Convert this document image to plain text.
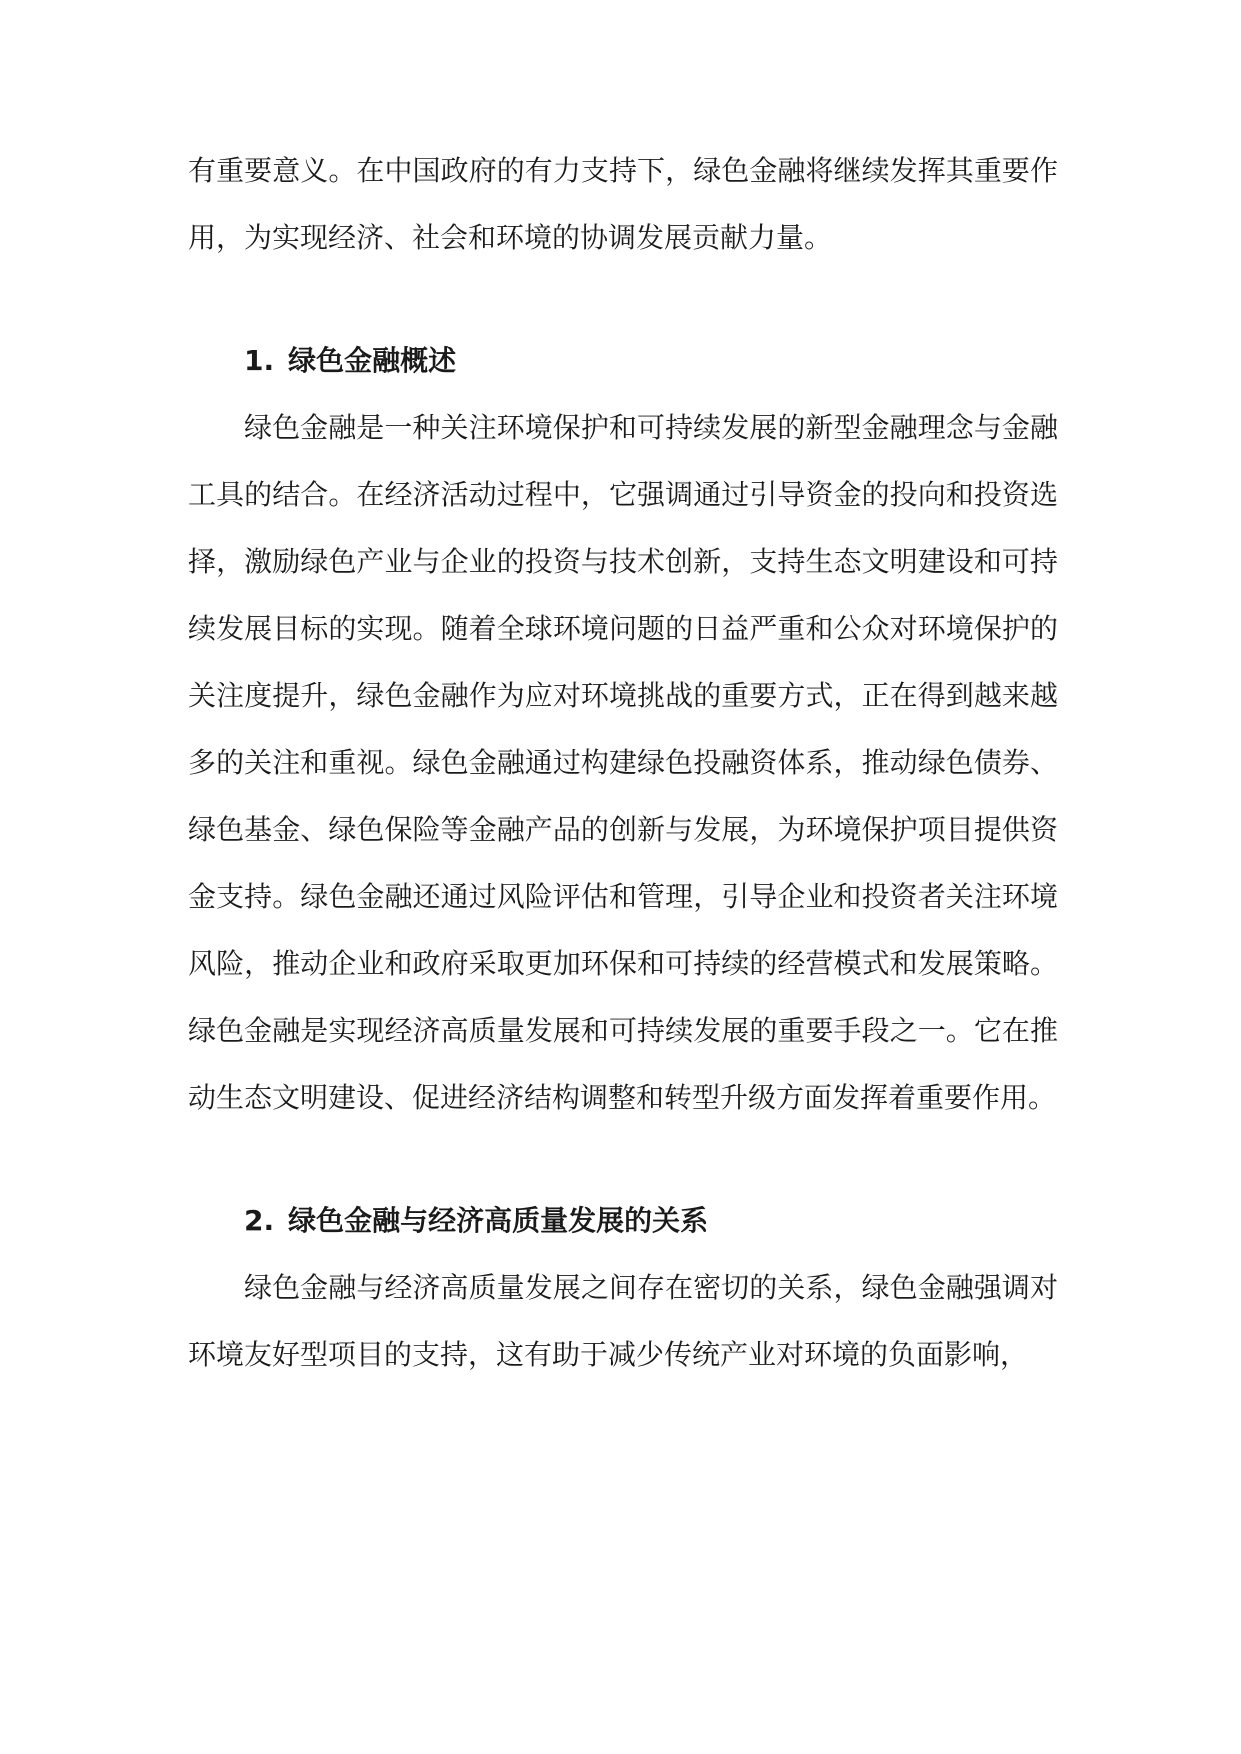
有重要意义。在中国政府的有力支持下，绿色金融将继续发挥其重要作用，为实现经济、社会和环境的协调发展贡献力量。

1. 绿色金融概述

绿色金融是一种关注环境保护和可持续发展的新型金融理念与金融工具的结合。在经济活动过程中，它强调通过引导资金的投向和投资选择，激励绿色产业与企业的投资与技术创新，支持生态文明建设和可持续发展目标的实现。随着全球环境问题的日益严重和公众对环境保护的关注度提升，绿色金融作为应对环境挑战的重要方式，正在得到越来越多的关注和重视。绿色金融通过构建绿色投融资体系，推动绿色债券、绿色基金、绿色保险等金融产品的创新与发展，为环境保护项目提供资金支持。绿色金融还通过风险评估和管理，引导企业和投资者关注环境风险，推动企业和政府采取更加环保和可持续的经营模式和发展策略。绿色金融是实现经济高质量发展和可持续发展的重要手段之一。它在推动生态文明建设、促进经济结构调整和转型升级方面发挥着重要作用。

2. 绿色金融与经济高质量发展的关系

绿色金融与经济高质量发展之间存在密切的关系，绿色金融强调对环境友好型项目的支持，这有助于减少传统产业对环境的负面影响，
